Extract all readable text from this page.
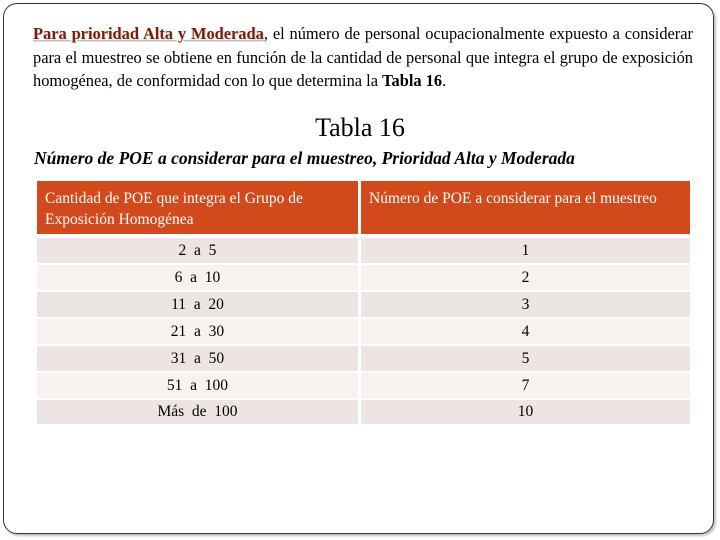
Para prioridad Alta y Moderada, el número de personal ocupacionalmente expuesto a considerar para el muestreo se obtiene en función de la cantidad de personal que integra el grupo de exposición homogénea, de conformidad con lo que determina la Tabla 16.

Tabla 16
Número de POE a considerar para el muestreo, Prioridad Alta y Moderada
Cantidad de POE que integra el Grupo de Exposición Homogénea	Número de POE a considerar para el muestreo
2  a  5	1
6  a  10	2
11  a  20	3
21  a  30	4
31  a  50	5
51  a  100	7
Más  de  100	10
